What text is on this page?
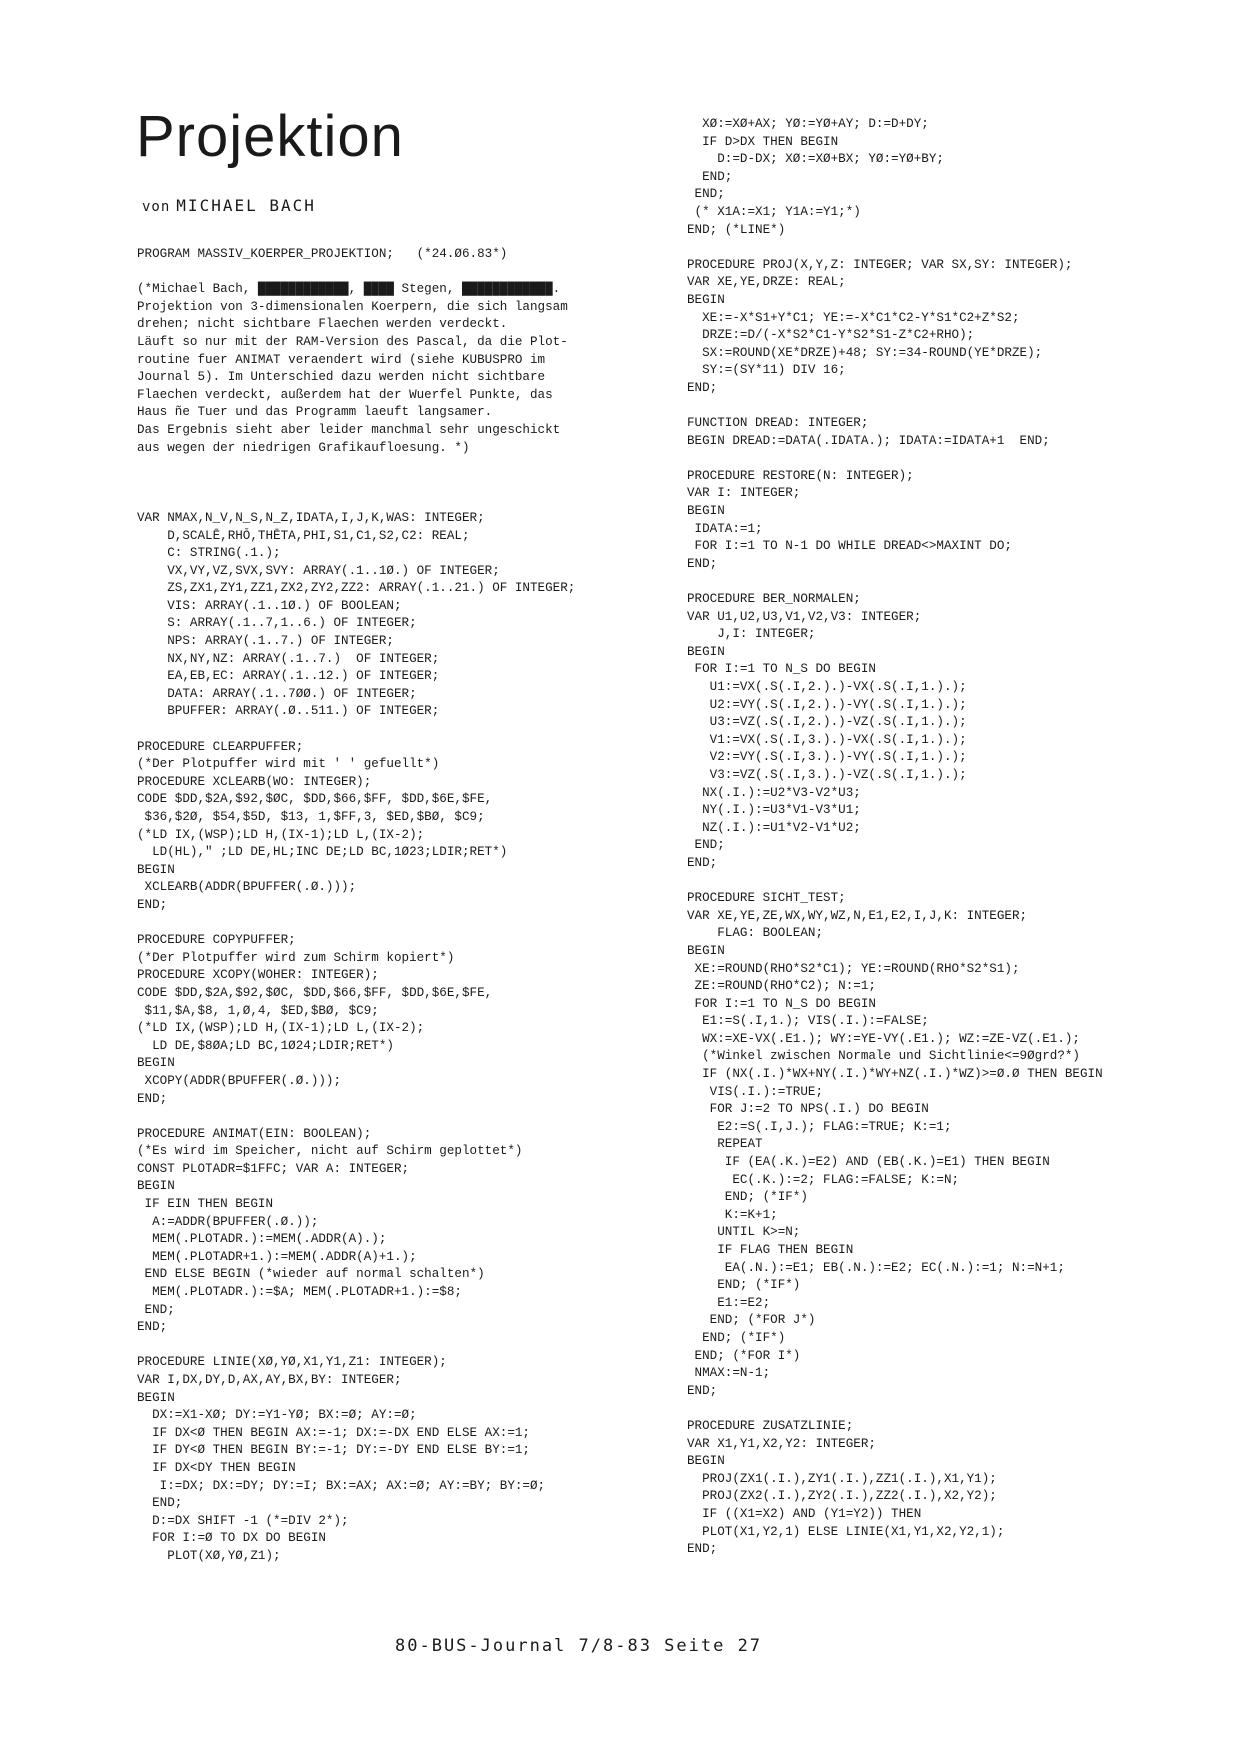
Projektion
von MICHAEL BACH
PROGRAM MASSIV_KOERPER_PROJEKTION;   (*24.Ø6.83*)

(*Michael Bach, ████████████, ████ Stegen, ████████████.
Projektion von 3-dimensionalen Koerpern, die sich langsam
drehen; nicht sichtbare Flaechen werden verdeckt.
Läuft so nur mit der RAM-Version des Pascal, da die Plot-
routine fuer ANIMAT veraendert wird (siehe KUBUSPRO im
Journal 5). Im Unterschied dazu werden nicht sichtbare
Flaechen verdeckt, außerdem hat der Wuerfel Punkte, das
Haus ñe Tuer und das Programm laeuft langsamer.
Das Ergebnis sieht aber leider manchmal sehr ungeschickt
aus wegen der niedrigen Grafikaufloesung. *)

VAR NMAX,N_V,N_S,N_Z,IDATA,I,J,K,WAS: INTEGER;
D,SCALĒ,RHŌ,THĒTA,PHI,S1,C1,S2,C2: REAL;
C: STRING(.1.);
VX,VY,VZ,SVX,SVY: ARRAY(.1..1Ø.) OF INTEGER;
ZS,ZX1,ZY1,ZZ1,ZX2,ZY2,ZZ2: ARRAY(.1..21.) OF INTEGER;
VIS: ARRAY(.1..1Ø.) OF BOOLEAN;
S: ARRAY(.1..7,1..6.) OF INTEGER;
NPS: ARRAY(.1..7.) OF INTEGER;
NX,NY,NZ: ARRAY(.1..7.)  OF INTEGER;
EA,EB,EC: ARRAY(.1..12.) OF INTEGER;
DATA: ARRAY(.1..7ØØ.) OF INTEGER;
BPUFFER: ARRAY(.Ø..511.) OF INTEGER;

PROCEDURE CLEARPUFFER;
(*Der Plotpuffer wird mit ' ' gefuellt*)
PROCEDURE XCLEARB(WO: INTEGER);
CODE $DD,$2A,$92,$ØC, $DD,$66,$FF, $DD,$6E,$FE,
$36,$2Ø, $54,$5D, $13, 1,$FF,3, $ED,$BØ, $C9;
(*LD IX,(WSP);LD H,(IX-1);LD L,(IX-2);
LD(HL)," ;LD DE,HL;INC DE;LD BC,1Ø23;LDIR;RET*)
BEGIN
XCLEARB(ADDR(BPUFFER(.Ø.)));
END;

PROCEDURE COPYPUFFER;
(*Der Plotpuffer wird zum Schirm kopiert*)
PROCEDURE XCOPY(WOHER: INTEGER);
CODE $DD,$2A,$92,$ØC, $DD,$66,$FF, $DD,$6E,$FE,
$11,$A,$8, 1,Ø,4, $ED,$BØ, $C9;
(*LD IX,(WSP);LD H,(IX-1);LD L,(IX-2);
LD DE,$8ØA;LD BC,1Ø24;LDIR;RET*)
BEGIN
XCOPY(ADDR(BPUFFER(.Ø.)));
END;

PROCEDURE ANIMAT(EIN: BOOLEAN);
(*Es wird im Speicher, nicht auf Schirm geplottet*)
CONST PLOTADR=$1FFC; VAR A: INTEGER;
BEGIN
IF EIN THEN BEGIN
A:=ADDR(BPUFFER(.Ø.));
MEM(.PLOTADR.):=MEM(.ADDR(A).);
MEM(.PLOTADR+1.):=MEM(.ADDR(A)+1.);
END ELSE BEGIN (*wieder auf normal schalten*)
MEM(.PLOTADR.):=$A; MEM(.PLOTADR+1.):=$8;
END;
END;

PROCEDURE LINIE(XØ,YØ,X1,Y1,Z1: INTEGER);
VAR I,DX,DY,D,AX,AY,BX,BY: INTEGER;
BEGIN
DX:=X1-XØ; DY:=Y1-YØ; BX:=Ø; AY:=Ø;
IF DX<Ø THEN BEGIN AX:=-1; DX:=-DX END ELSE AX:=1;
IF DY<Ø THEN BEGIN BY:=-1; DY:=-DY END ELSE BY:=1;
IF DX<DY THEN BEGIN
I:=DX; DX:=DY; DY:=I; BX:=AX; AX:=Ø; AY:=BY; BY:=Ø;
END;
D:=DX SHIFT -1 (*=DIV 2*);
FOR I:=Ø TO DX DO BEGIN
PLOT(XØ,YØ,Z1);
XØ:=XØ+AX; YØ:=YØ+AY; D:=D+DY;
IF D>DX THEN BEGIN
D:=D-DX; XØ:=XØ+BX; YØ:=YØ+BY;
END;
END;
(* X1A:=X1; Y1A:=Y1;*)
END; (*LINE*)

PROCEDURE PROJ(X,Y,Z: INTEGER; VAR SX,SY: INTEGER);
VAR XE,YE,DRZE: REAL;
BEGIN
XE:=-X*S1+Y*C1; YE:=-X*C1*C2-Y*S1*C2+Z*S2;
DRZE:=D/(-X*S2*C1-Y*S2*S1-Z*C2+RHO);
SX:=ROUND(XE*DRZE)+48; SY:=34-ROUND(YE*DRZE);
SY:=(SY*11) DIV 16;
END;

FUNCTION DREAD: INTEGER;
BEGIN DREAD:=DATA(.IDATA.); IDATA:=IDATA+1  END;

PROCEDURE RESTORE(N: INTEGER);
VAR I: INTEGER;
BEGIN
IDATA:=1;
FOR I:=1 TO N-1 DO WHILE DREAD<>MAXINT DO;
END;

PROCEDURE BER_NORMALEN;
VAR U1,U2,U3,V1,V2,V3: INTEGER;
J,I: INTEGER;
BEGIN
FOR I:=1 TO N_S DO BEGIN
U1:=VX(.S(.I,2.).)-VX(.S(.I,1.).);
U2:=VY(.S(.I,2.).)-VY(.S(.I,1.).);
U3:=VZ(.S(.I,2.).)-VZ(.S(.I,1.).);
V1:=VX(.S(.I,3.).)-VX(.S(.I,1.).);
V2:=VY(.S(.I,3.).)-VY(.S(.I,1.).);
V3:=VZ(.S(.I,3.).)-VZ(.S(.I,1.).);
NX(.I.):=U2*V3-V2*U3;
NY(.I.):=U3*V1-V3*U1;
NZ(.I.):=U1*V2-V1*U2;
END;
END;

PROCEDURE SICHT_TEST;
VAR XE,YE,ZE,WX,WY,WZ,N,E1,E2,I,J,K: INTEGER;
FLAG: BOOLEAN;
BEGIN
XE:=ROUND(RHO*S2*C1); YE:=ROUND(RHO*S2*S1);
ZE:=ROUND(RHO*C2); N:=1;
FOR I:=1 TO N_S DO BEGIN
E1:=S(.I,1.); VIS(.I.):=FALSE;
WX:=XE-VX(.E1.); WY:=YE-VY(.E1.); WZ:=ZE-VZ(.E1.);
(*Winkel zwischen Normale und Sichtlinie<=9Øgrd?*)
IF (NX(.I.)*WX+NY(.I.)*WY+NZ(.I.)*WZ)>=Ø.Ø THEN BEGIN
VIS(.I.):=TRUE;
FOR J:=2 TO NPS(.I.) DO BEGIN
E2:=S(.I,J.); FLAG:=TRUE; K:=1;
REPEAT
IF (EA(.K.)=E2) AND (EB(.K.)=E1) THEN BEGIN
EC(.K.):=2; FLAG:=FALSE; K:=N;
END; (*IF*)
K:=K+1;
UNTIL K>=N;
IF FLAG THEN BEGIN
EA(.N.):=E1; EB(.N.):=E2; EC(.N.):=1; N:=N+1;
END; (*IF*)
E1:=E2;
END; (*FOR J*)
END; (*IF*)
END; (*FOR I*)
NMAX:=N-1;
END;

PROCEDURE ZUSATZLINIE;
VAR X1,Y1,X2,Y2: INTEGER;
BEGIN
PROJ(ZX1(.I.),ZY1(.I.),ZZ1(.I.),X1,Y1);
PROJ(ZX2(.I.),ZY2(.I.),ZZ2(.I.),X2,Y2);
IF ((X1=X2) AND (Y1=Y2)) THEN
PLOT(X1,Y2,1) ELSE LINIE(X1,Y1,X2,Y2,1);
END;
80-BUS-Journal 7/8-83 Seite 27
